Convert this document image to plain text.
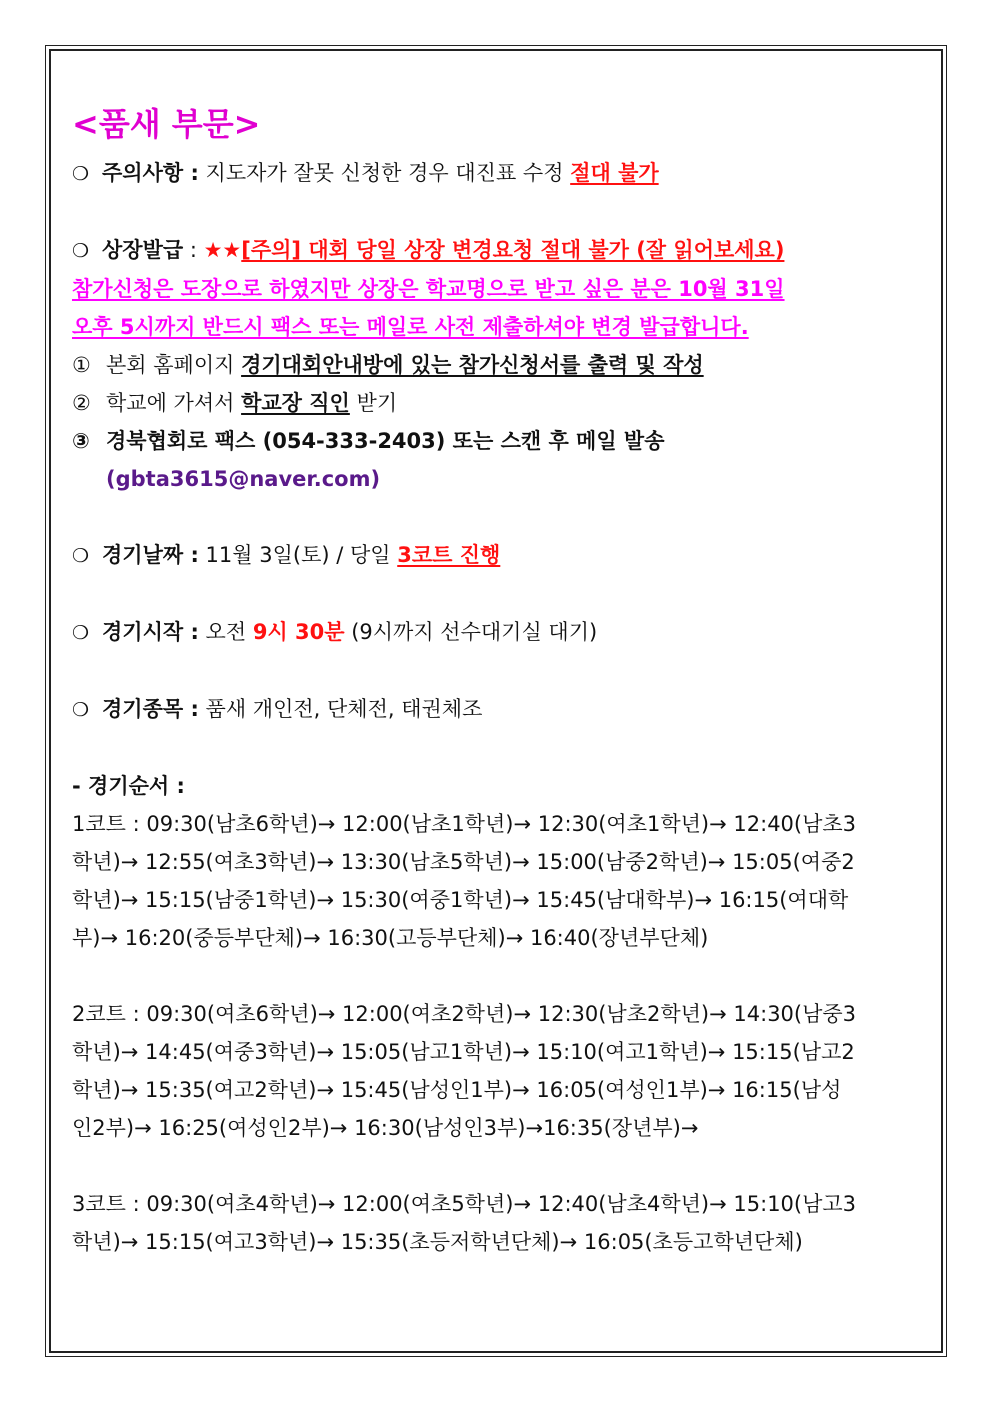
<품새 부문>
❍ 주의사항 : 지도자가 잘못 신청한 경우 대진표 수정 절대 불가
❍ 상장발급 : ★★[주의] 대회 당일 상장 변경요청 절대 불가 (잘 읽어보세요)
참가신청은 도장으로 하였지만 상장은 학교명으로 받고 싶은 분은 10월 31일
오후 5시까지 반드시 팩스 또는 메일로 사전 제출하셔야 변경 발급합니다.
① 본회 홈페이지 경기대회안내방에 있는 참가신청서를 출력 및 작성
② 학교에 가셔서 학교장 직인 받기
③ 경북협회로 팩스 (054-333-2403) 또는 스캔 후 메일 발송
(gbta3615@naver.com)
❍ 경기날짜 : 11월 3일(토) / 당일 3코트 진행
❍ 경기시작 : 오전 9시 30분 (9시까지 선수대기실 대기)
❍ 경기종목 : 품새 개인전, 단체전, 태권체조
- 경기순서 :
1코트 : 09:30(남초6학년)→ 12:00(남초1학년)→ 12:30(여초1학년)→ 12:40(남초3
학년)→ 12:55(여초3학년)→ 13:30(남초5학년)→ 15:00(남중2학년)→ 15:05(여중2
학년)→ 15:15(남중1학년)→ 15:30(여중1학년)→ 15:45(남대학부)→ 16:15(여대학
부)→ 16:20(중등부단체)→ 16:30(고등부단체)→ 16:40(장년부단체)
2코트 : 09:30(여초6학년)→ 12:00(여초2학년)→ 12:30(남초2학년)→ 14:30(남중3
학년)→ 14:45(여중3학년)→ 15:05(남고1학년)→ 15:10(여고1학년)→ 15:15(남고2
학년)→ 15:35(여고2학년)→ 15:45(남성인1부)→ 16:05(여성인1부)→ 16:15(남성
인2부)→ 16:25(여성인2부)→ 16:30(남성인3부)→16:35(장년부)→
3코트 : 09:30(여초4학년)→ 12:00(여초5학년)→ 12:40(남초4학년)→ 15:10(남고3
학년)→ 15:15(여고3학년)→ 15:35(초등저학년단체)→ 16:05(초등고학년단체)
